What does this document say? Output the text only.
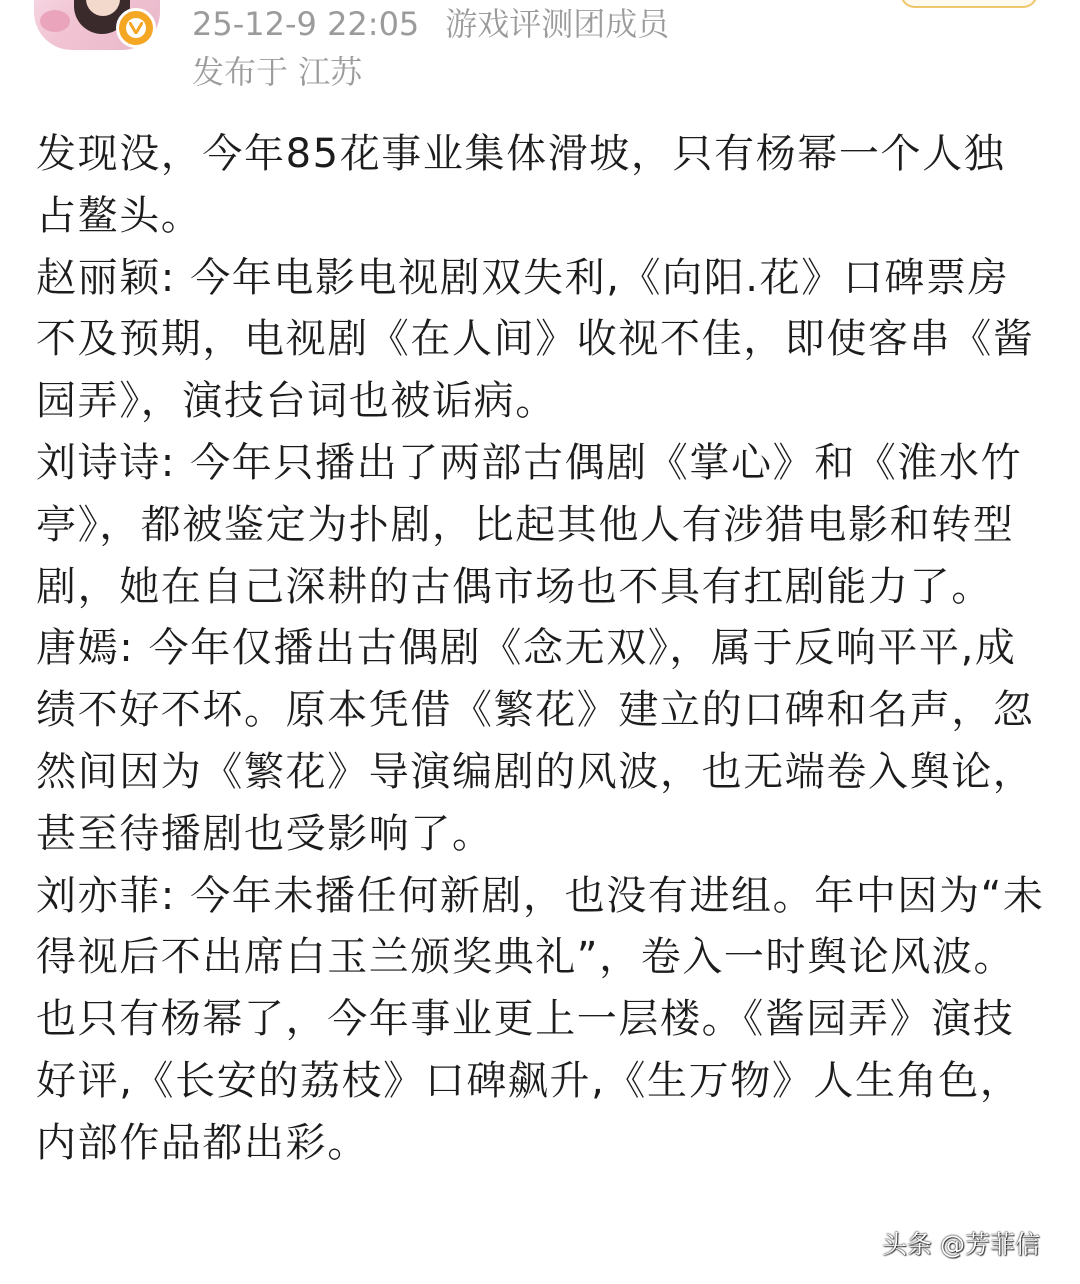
25-12-9 22:05 游戏评测团成员
发布于 江苏

发现没，今年85花事业集体滑坡，只有杨幂一个人独占鳌头。

赵丽颖: 今年电影电视剧双失利,《向阳.花》口碑票房不及预期，电视剧《在人间》收视不佳，即使客串《酱园弄》，演技台词也被诟病。

刘诗诗: 今年只播出了两部古偶剧《掌心》和《淮水竹亭》，都被鉴定为扑剧，比起其他人有涉猎电影和转型剧，她在自己深耕的古偶市场也不具有扛剧能力了。

唐嫣: 今年仅播出古偶剧《念无双》，属于反响平平,成绩不好不坏。原本凭借《繁花》建立的口碑和名声，忽然间因为《繁花》导演编剧的风波，也无端卷入舆论，甚至待播剧也受影响了。

刘亦菲: 今年未播任何新剧，也没有进组。年中因为“未得视后不出席白玉兰颁奖典礼”，卷入一时舆论风波。

也只有杨幂了，今年事业更上一层楼。《酱园弄》演技好评,《长安的荔枝》口碑飙升,《生万物》人生角色，内部作品都出彩。

头条 @芳菲信
